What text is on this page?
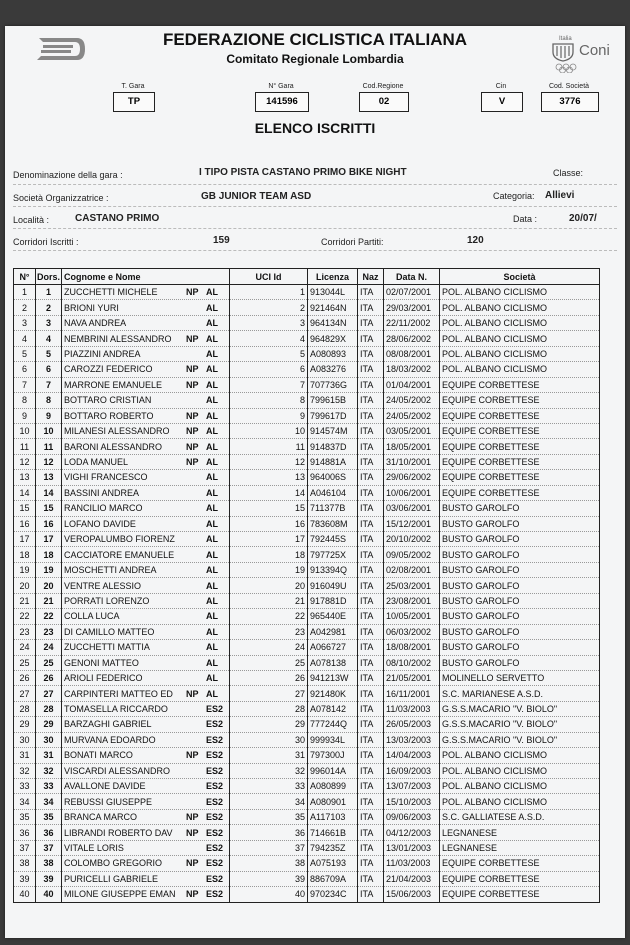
FEDERAZIONE CICLISTICA ITALIANA
Comitato Regionale Lombardia
Italia
Coni
T. Gara
TP
N° Gara
141596
Cod.Regione
02
Cin
V
Cod. Società
3776
ELENCO ISCRITTI
Denominazione della gara :	I TIPO PISTA CASTANO PRIMO BIKE NIGHT	Classe:
Società Organizzatrice :	GB JUNIOR TEAM ASD	Categoria: Allievi
Località :	CASTANO PRIMO	Data :	20/07/
Corridori Iscritti :	159	Corridori Partiti:	120
N°	Dors.	Cognome e Nome	UCI Id	Licenza	Naz	Data N.	Società
1	1	ZUCCHETTI MICHELE NP AL	1	913044L	ITA	02/07/2001	POL. ALBANO CICLISMO
2	2	BRIONI YURI AL	2	921464N	ITA	29/03/2001	POL. ALBANO CICLISMO
3	3	NAVA ANDREA AL	3	964134N	ITA	22/11/2002	POL. ALBANO CICLISMO
4	4	NEMBRINI ALESSANDRO NP AL	4	964829X	ITA	28/06/2002	POL. ALBANO CICLISMO
5	5	PIAZZINI ANDREA AL	5	A080893	ITA	08/08/2001	POL. ALBANO CICLISMO
6	6	CAROZZI FEDERICO NP AL	6	A083276	ITA	18/03/2002	POL. ALBANO CICLISMO
7	7	MARRONE EMANUELE NP AL	7	707736G	ITA	01/04/2001	EQUIPE CORBETTESE
8	8	BOTTARO CRISTIAN AL	8	799615B	ITA	24/05/2002	EQUIPE CORBETTESE
9	9	BOTTARO ROBERTO NP AL	9	799617D	ITA	24/05/2002	EQUIPE CORBETTESE
10	10	MILANESI ALESSANDRO NP AL	10	914574M	ITA	03/05/2001	EQUIPE CORBETTESE
11	11	BARONI ALESSANDRO NP AL	11	914837D	ITA	18/05/2001	EQUIPE CORBETTESE
12	12	LODA MANUEL NP AL	12	914881A	ITA	31/10/2001	EQUIPE CORBETTESE
13	13	VIGHI FRANCESCO AL	13	964006S	ITA	29/06/2002	EQUIPE CORBETTESE
14	14	BASSINI ANDREA AL	14	A046104	ITA	10/06/2001	EQUIPE CORBETTESE
15	15	RANCILIO MARCO AL	15	711377B	ITA	03/06/2001	BUSTO GAROLFO
16	16	LOFANO DAVIDE AL	16	783608M	ITA	15/12/2001	BUSTO GAROLFO
17	17	VEROPALUMBO FIORENZ AL	17	792445S	ITA	20/10/2002	BUSTO GAROLFO
18	18	CACCIATORE EMANUELE AL	18	797725X	ITA	09/05/2002	BUSTO GAROLFO
19	19	MOSCHETTI ANDREA AL	19	913394Q	ITA	02/08/2001	BUSTO GAROLFO
20	20	VENTRE ALESSIO AL	20	916049U	ITA	25/03/2001	BUSTO GAROLFO
21	21	PORRATI LORENZO AL	21	917881D	ITA	23/08/2001	BUSTO GAROLFO
22	22	COLLA LUCA AL	22	965440E	ITA	10/05/2001	BUSTO GAROLFO
23	23	DI CAMILLO MATTEO AL	23	A042981	ITA	06/03/2002	BUSTO GAROLFO
24	24	ZUCCHETTI MATTIA AL	24	A066727	ITA	18/08/2001	BUSTO GAROLFO
25	25	GENONI MATTEO AL	25	A078138	ITA	08/10/2002	BUSTO GAROLFO
26	26	ARIOLI FEDERICO AL	26	941213W	ITA	21/05/2001	MOLINELLO SERVETTO
27	27	CARPINTERI MATTEO ED NP AL	27	921480K	ITA	16/11/2001	S.C. MARIANESE A.S.D.
28	28	TOMASELLA RICCARDO ES2	28	A078142	ITA	11/03/2003	G.S.S.MACARIO "V. BIOLO"
29	29	BARZAGHI GABRIEL ES2	29	777244Q	ITA	26/05/2003	G.S.S.MACARIO "V. BIOLO"
30	30	MURVANA EDOARDO ES2	30	999934L	ITA	13/03/2003	G.S.S.MACARIO "V. BIOLO"
31	31	BONATI MARCO NP ES2	31	797300J	ITA	14/04/2003	POL. ALBANO CICLISMO
32	32	VISCARDI ALESSANDRO ES2	32	996014A	ITA	16/09/2003	POL. ALBANO CICLISMO
33	33	AVALLONE DAVIDE ES2	33	A080899	ITA	13/07/2003	POL. ALBANO CICLISMO
34	34	REBUSSI GIUSEPPE ES2	34	A080901	ITA	15/10/2003	POL. ALBANO CICLISMO
35	35	BRANCA MARCO NP ES2	35	A117103	ITA	09/06/2003	S.C. GALLIATESE A.S.D.
36	36	LIBRANDI ROBERTO DAV NP ES2	36	714661B	ITA	04/12/2003	LEGNANESE
37	37	VITALE LORIS ES2	37	794235Z	ITA	13/01/2003	LEGNANESE
38	38	COLOMBO GREGORIO NP ES2	38	A075193	ITA	11/03/2003	EQUIPE CORBETTESE
39	39	PURICELLI GABRIELE ES2	39	886709A	ITA	21/04/2003	EQUIPE CORBETTESE
40	40	MILONE GIUSEPPE EMAN NP ES2	40	970234C	ITA	15/06/2003	EQUIPE CORBETTESE
